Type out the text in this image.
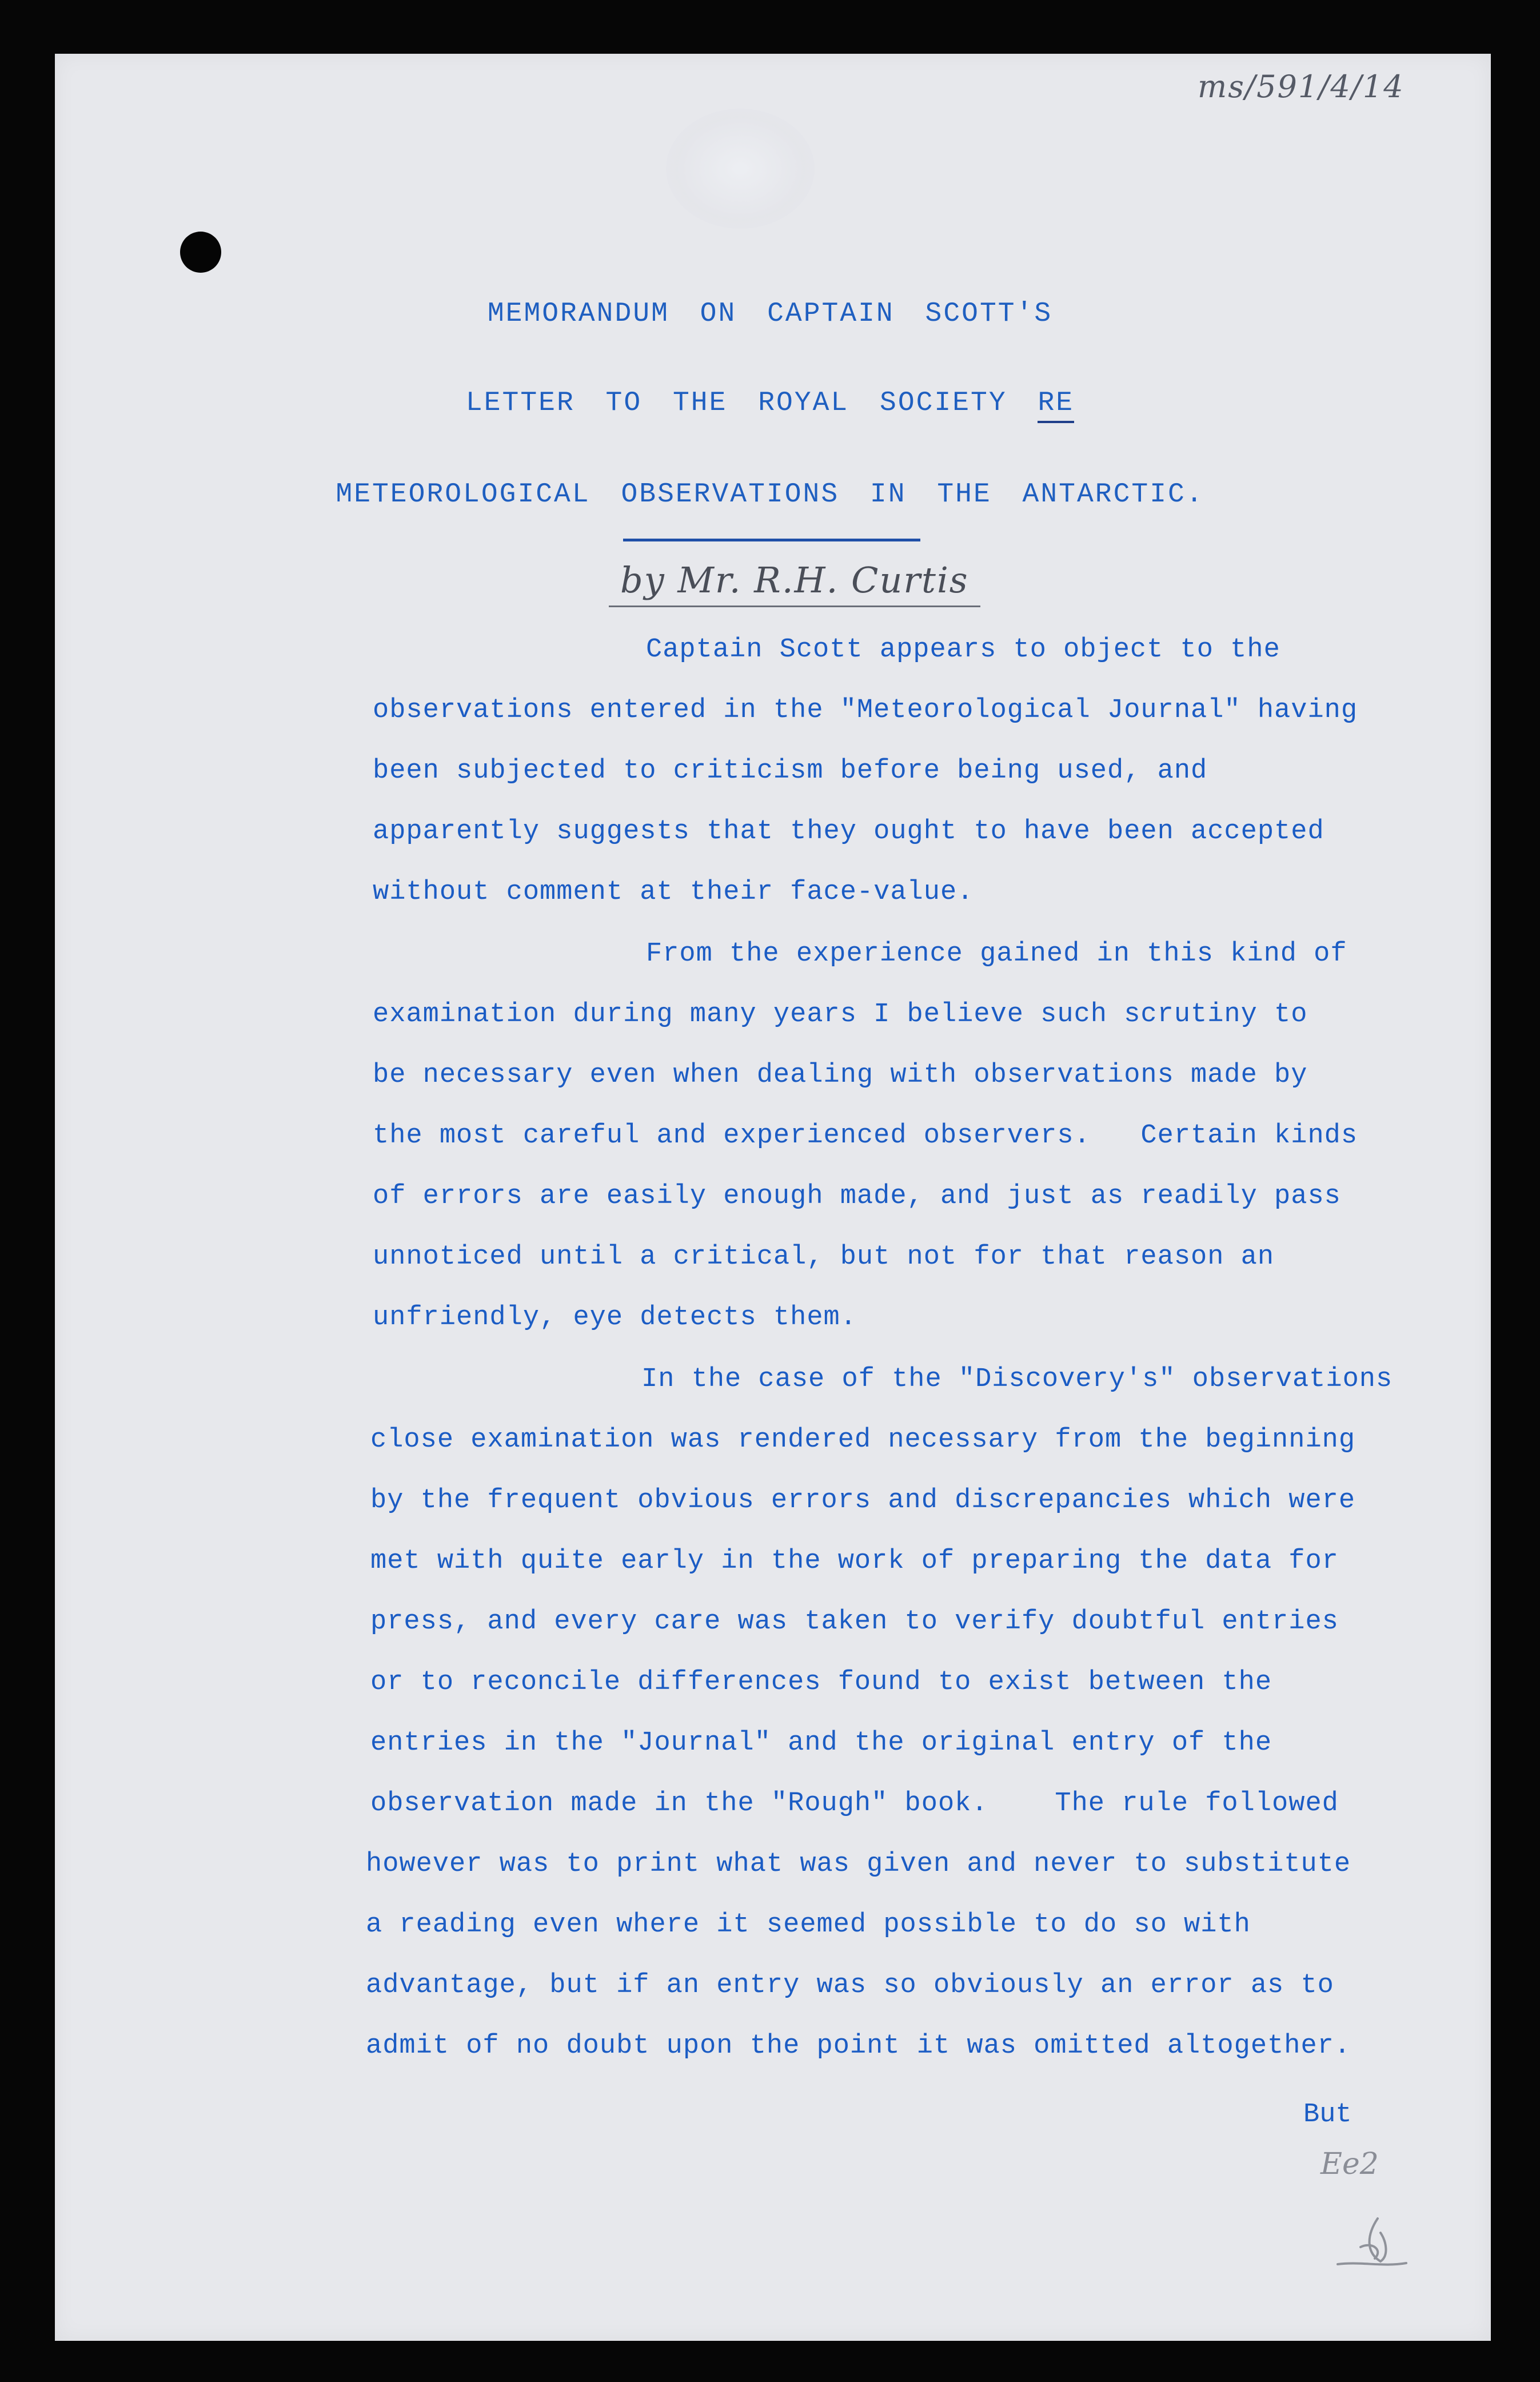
ms/591/4/14
MEMORANDUM ON CAPTAIN SCOTT'S
LETTER TO THE ROYAL SOCIETY RE
METEOROLOGICAL OBSERVATIONS IN THE ANTARCTIC.
by Mr. R.H. Curtis
Captain Scott appears to object to the
observations entered in the "Meteorological Journal" having
been subjected to criticism before being used, and
apparently suggests that they ought to have been accepted
without comment at their face-value.
From the experience gained in this kind of
examination during many years I believe such scrutiny to
be necessary even when dealing with observations made by
the most careful and experienced observers.   Certain kinds
of errors are easily enough made, and just as readily pass
unnoticed until a critical, but not for that reason an
unfriendly, eye detects them.
In the case of the "Discovery's" observations
close examination was rendered necessary from the beginning
by the frequent obvious errors and discrepancies which were
met with quite early in the work of preparing the data for
press, and every care was taken to verify doubtful entries
or to reconcile differences found to exist between the
entries in the "Journal" and the original entry of the
observation made in the "Rough" book.    The rule followed
however was to print what was given and never to substitute
a reading even where it seemed possible to do so with
advantage, but if an entry was so obviously an error as to
admit of no doubt upon the point it was omitted altogether.
But
Ee2
